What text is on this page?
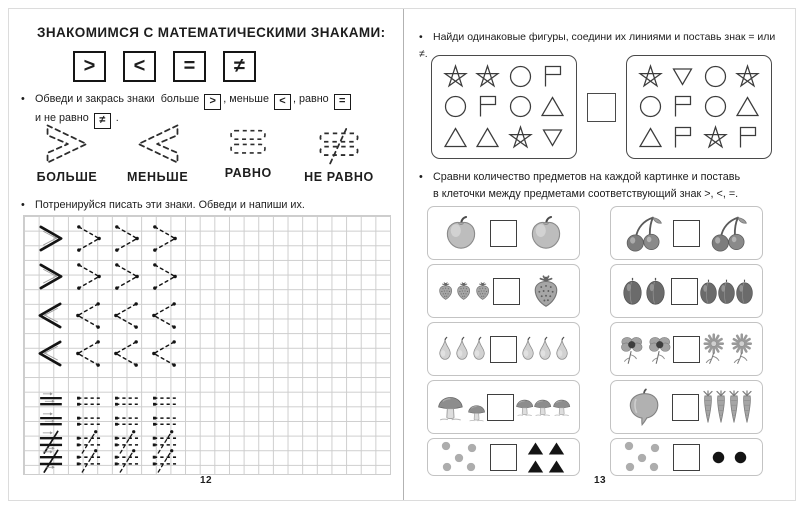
ЗНАКОМИМСЯ С МАТЕМАТИЧЕСКИМИ ЗНАКАМИ:
>	<	=	≠
• Обведи и закрась знаки  больше > , меньше < , равно =
и не равно ≠ .
БОЛЬШЕ МЕНЬШЕ	РАВНО	НЕ РАВНО
• Потренируйся писать эти знаки. Обведи и напиши их.
12
• Найди одинаковые фигуры, соедини их линиями и поставь знак = или ≠.
• Сравни количество предметов на каждой картинке и поставь
в клеточки между предметами соответствующий знак >, <, =.
13
